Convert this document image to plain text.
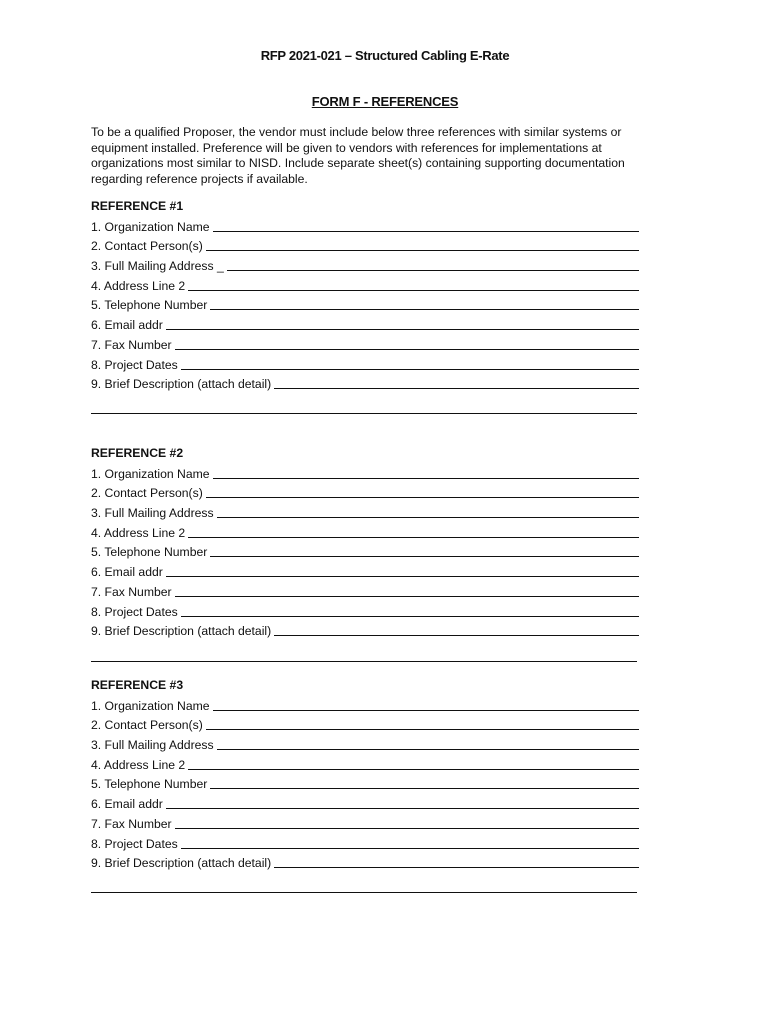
RFP 2021-021 – Structured Cabling E-Rate
FORM F - REFERENCES
To be a qualified Proposer, the vendor must include below three references with similar systems or equipment installed. Preference will be given to vendors with references for implementations at organizations most similar to NISD. Include separate sheet(s) containing supporting documentation regarding reference projects if available.
REFERENCE #1
1. Organization Name
2. Contact Person(s)
3. Full Mailing Address _
4. Address Line 2
5. Telephone Number
6. Email addr
7. Fax Number
8. Project Dates
9. Brief Description (attach detail)
REFERENCE #2
1. Organization Name
2. Contact Person(s)
3. Full Mailing Address
4. Address Line 2
5. Telephone Number
6. Email addr
7. Fax Number
8. Project Dates
9. Brief Description (attach detail)
REFERENCE #3
1. Organization Name
2. Contact Person(s)
3. Full Mailing Address
4. Address Line 2
5. Telephone Number
6. Email addr
7. Fax Number
8. Project Dates
9. Brief Description (attach detail)
